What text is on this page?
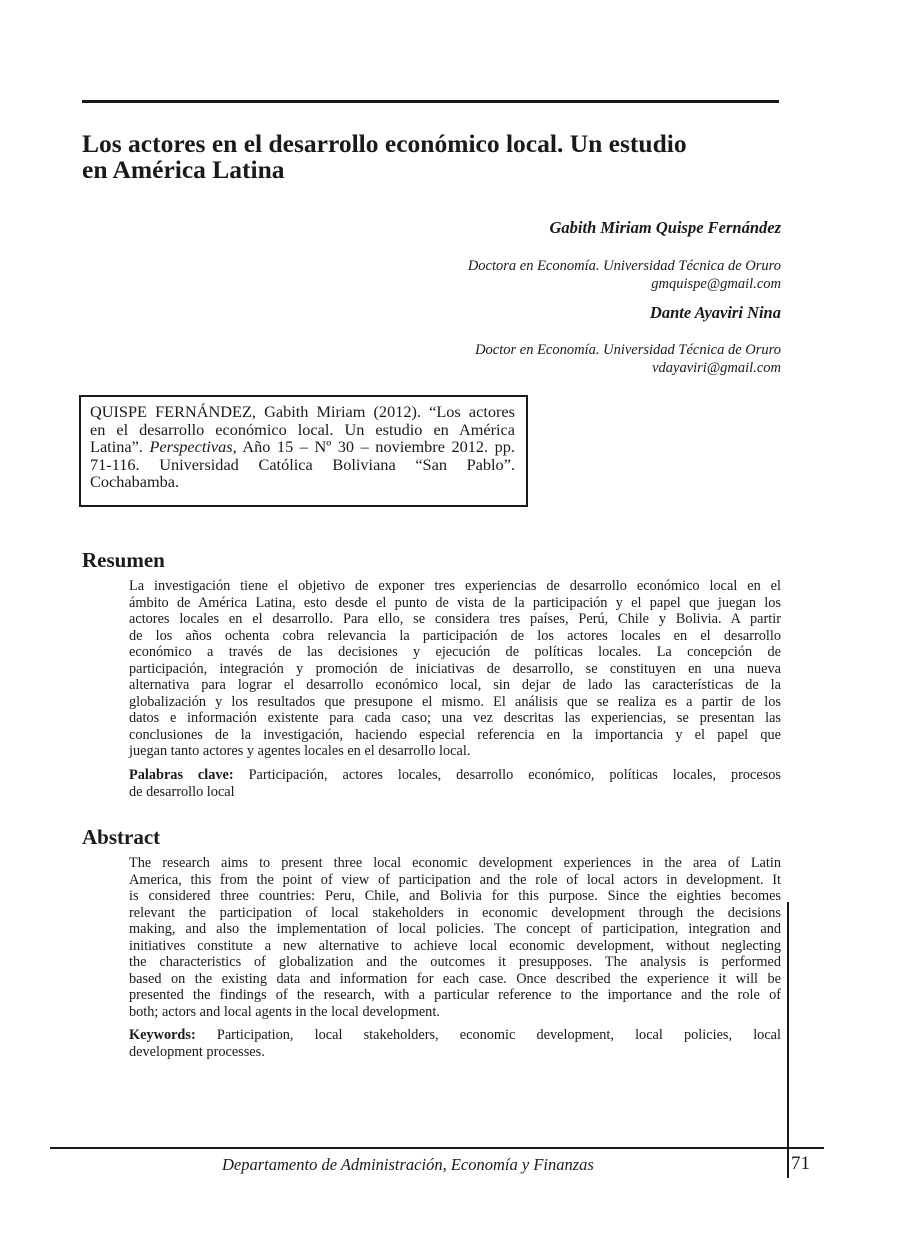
Los actores en el desarrollo económico local. Un estudio
en América Latina
Gabith Miriam Quispe Fernández
Doctora en Economía. Universidad Técnica de Oruro
gmquispe@gmail.com
Dante Ayaviri Nina
Doctor en Economía. Universidad Técnica de Oruro
vdayaviri@gmail.com
QUISPE FERNÁNDEZ, Gabith Miriam (2012). “Los actores
en el desarrollo económico local. Un estudio en América
Latina”. Perspectivas, Año 15 – Nº 30 – noviembre 2012. pp.
71-116. Universidad Católica Boliviana “San Pablo”.
Cochabamba.
Resumen
La investigación tiene el objetivo de exponer tres experiencias de desarrollo económico local en el
ámbito de América Latina, esto desde el punto de vista de la participación y el papel que juegan los
actores locales en el desarrollo. Para ello, se considera tres países, Perú, Chile y Bolivia. A partir
de los años ochenta cobra relevancia la participación de los actores locales en el desarrollo
económico a través de las decisiones y ejecución de políticas locales. La concepción de
participación, integración y promoción de iniciativas de desarrollo, se constituyen en una nueva
alternativa para lograr el desarrollo económico local, sin dejar de lado las características de la
globalización y los resultados que presupone el mismo. El análisis que se realiza es a partir de los
datos e información existente para cada caso; una vez descritas las experiencias, se presentan las
conclusiones de la investigación, haciendo especial referencia en la importancia y el papel que
juegan tanto actores y agentes locales en el desarrollo local.
Palabras clave: Participación, actores locales, desarrollo económico, políticas locales, procesos
de desarrollo local
Abstract
The research aims to present three local economic development experiences in the area of Latin
America, this from the point of view of participation and the role of local actors in development. It
is considered three countries: Peru, Chile, and Bolivia for this purpose. Since the eighties becomes
relevant the participation of local stakeholders in economic development through the decisions
making, and also the implementation of local policies. The concept of participation, integration and
initiatives constitute a new alternative to achieve local economic development, without neglecting
the characteristics of globalization and the outcomes it presupposes. The analysis is performed
based on the existing data and information for each case. Once described the experience it will be
presented the findings of the research, with a particular reference to the importance and the role of
both; actors and local agents in the local development.
Keywords: Participation, local stakeholders, economic development, local policies, local
development processes.
Departamento de Administración, Economía y Finanzas	71
